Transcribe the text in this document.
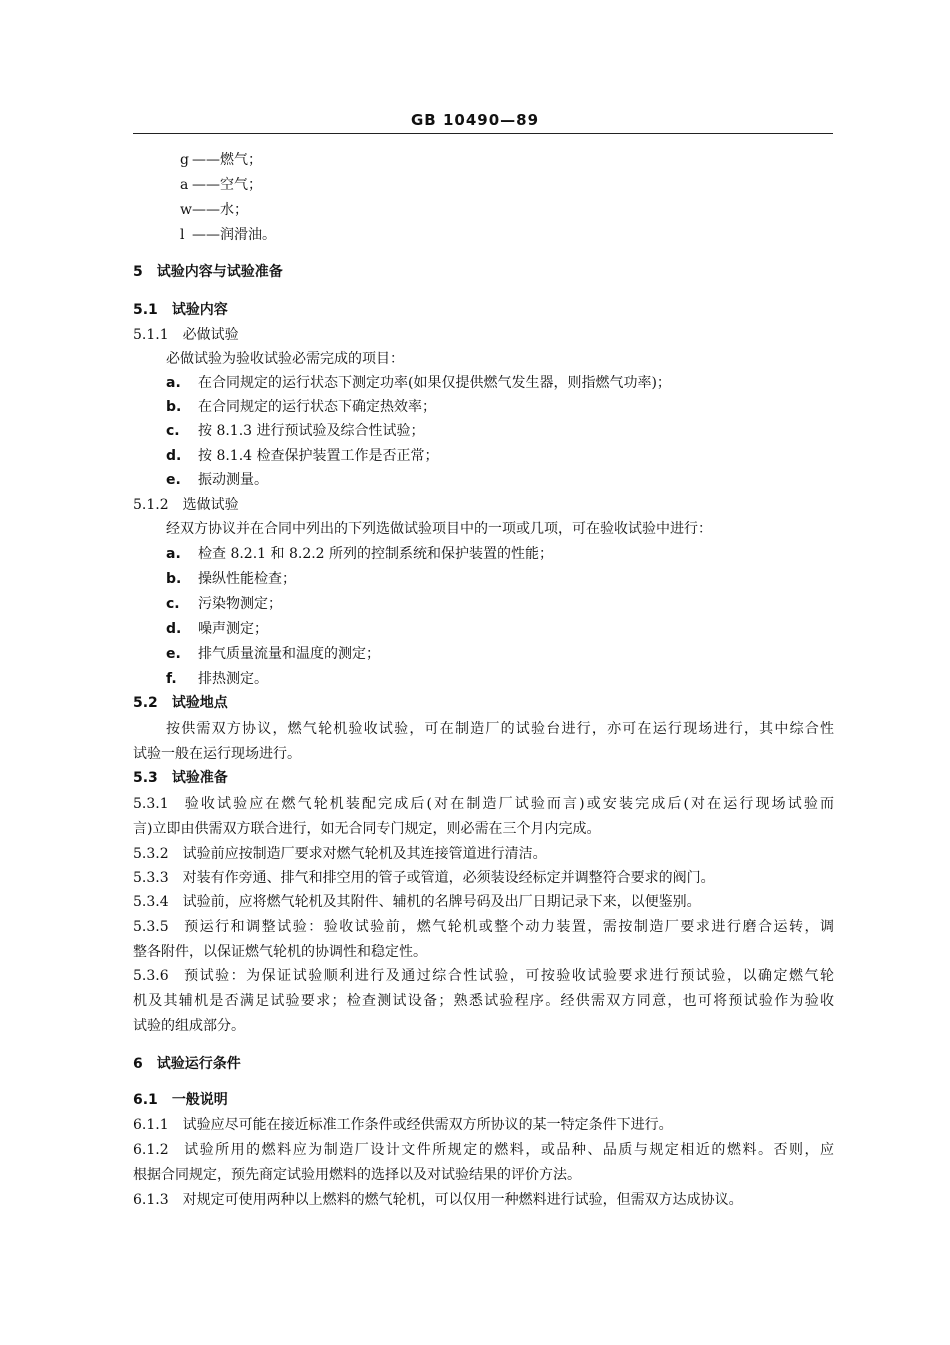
GB 10490—89
g ——燃气；
a ——空气；
w——水；
l ——润滑油。
5 试验内容与试验准备
5.1 试验内容
5.1.1 必做试验
必做试验为验收试验必需完成的项目：
a. 在合同规定的运行状态下测定功率(如果仅提供燃气发生器，则指燃气功率)；
b. 在合同规定的运行状态下确定热效率；
c. 按 8.1.3 进行预试验及综合性试验；
d. 按 8.1.4 检查保护装置工作是否正常；
e. 振动测量。
5.1.2 选做试验
经双方协议并在合同中列出的下列选做试验项目中的一项或几项，可在验收试验中进行：
a. 检查 8.2.1 和 8.2.2 所列的控制系统和保护装置的性能；
b. 操纵性能检查；
c. 污染物测定；
d. 噪声测定；
e. 排气质量流量和温度的测定；
f. 排热测定。
5.2 试验地点
按供需双方协议，燃气轮机验收试验，可在制造厂的试验台进行，亦可在运行现场进行，其中综合性
试验一般在运行现场进行。
5.3 试验准备
5.3.1 验收试验应在燃气轮机装配完成后(对在制造厂试验而言)或安装完成后(对在运行现场试验而
言)立即由供需双方联合进行，如无合同专门规定，则必需在三个月内完成。
5.3.2 试验前应按制造厂要求对燃气轮机及其连接管道进行清洁。
5.3.3 对装有作旁通、排气和排空用的管子或管道，必须装设经标定并调整符合要求的阀门。
5.3.4 试验前，应将燃气轮机及其附件、辅机的名牌号码及出厂日期记录下来，以便鉴别。
5.3.5 预运行和调整试验：验收试验前，燃气轮机或整个动力装置，需按制造厂要求进行磨合运转，调
整各附件，以保证燃气轮机的协调性和稳定性。
5.3.6 预试验：为保证试验顺利进行及通过综合性试验，可按验收试验要求进行预试验，以确定燃气轮
机及其辅机是否满足试验要求；检查测试设备；熟悉试验程序。经供需双方同意，也可将预试验作为验收
试验的组成部分。
6 试验运行条件
6.1 一般说明
6.1.1 试验应尽可能在接近标准工作条件或经供需双方所协议的某一特定条件下进行。
6.1.2 试验所用的燃料应为制造厂设计文件所规定的燃料，或品种、品质与规定相近的燃料。否则，应
根据合同规定，预先商定试验用燃料的选择以及对试验结果的评价方法。
6.1.3 对规定可使用两种以上燃料的燃气轮机，可以仅用一种燃料进行试验，但需双方达成协议。
